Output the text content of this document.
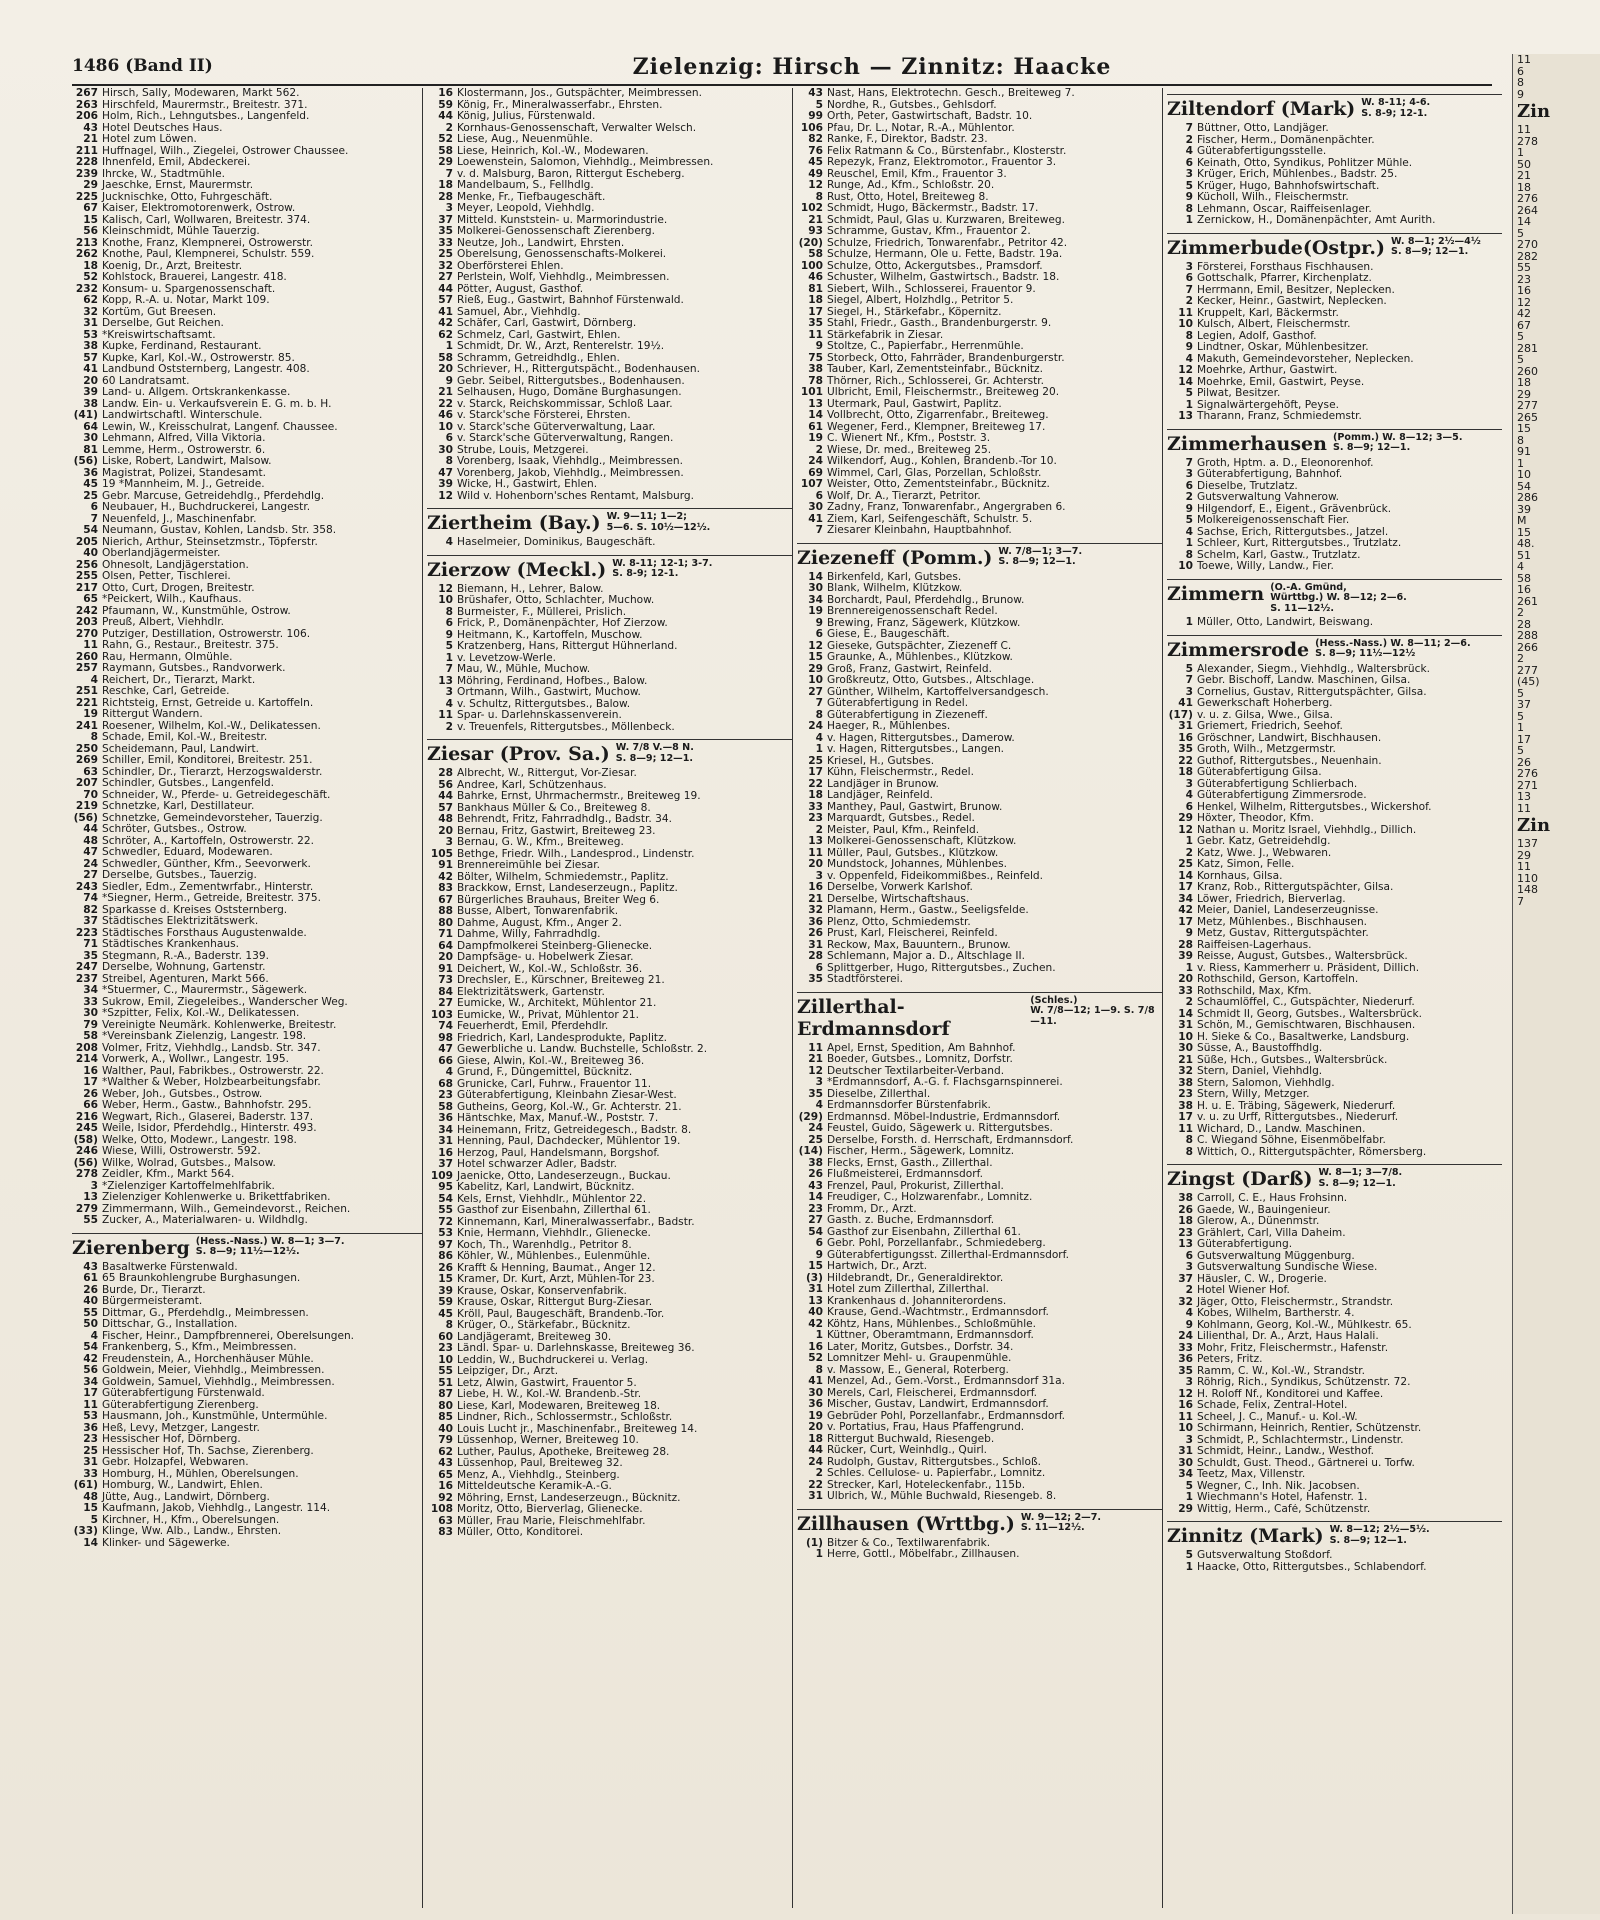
1486 (Band II)	Zielenzig: Hirsch — Zinnitz: Haacke
267 Hirsch, Sally, Modewaren, Markt 562.
263 Hirschfeld, Maurermstr., Breitestr. 371.
206 Holm, Rich., Lehngutsbes., Langenfeld.
43 Hotel Deutsches Haus.
21 Hotel zum Löwen.
211 Huffnagel, Wilh., Ziegelei, Ostrower Chaussee.
228 Ihnenfeld, Emil, Abdeckerei.
239 Ihrcke, W., Stadtmühle.
29 Jaeschke, Ernst, Maurermstr.
225 Jucknischke, Otto, Fuhrgeschäft.
67 Kaiser, Elektromotorenwerk, Ostrow.
15 Kalisch, Carl, Wollwaren, Breitestr. 374.
56 Kleinschmidt, Mühle Tauerzig.
213 Knothe, Franz, Klempnerei, Ostrowerstr.
262 Knothe, Paul, Klempnerei, Schulstr. 559.
18 Koenig, Dr., Arzt, Breitestr.
52 Kohlstock, Brauerei, Langestr. 418.
232 Konsum- u. Spargenossenschaft.
62 Kopp, R.-A. u. Notar, Markt 109.
32 Kortüm, Gut Breesen.
31 Derselbe, Gut Reichen.
53 *Kreiswirtschaftsamt.
38 Kupke, Ferdinand, Restaurant.
57 Kupke, Karl, Kol.-W., Ostrowerstr. 85.
41 Landbund Oststernberg, Langestr. 408.
20 60 Landratsamt.
39 Land- u. Allgem. Ortskrankenkasse.
38 Landw. Ein- u. Verkaufsverein E. G. m. b. H.
(41) Landwirtschaftl. Winterschule.
64 Lewin, W., Kreisschulrat, Langenf. Chaussee.
30 Lehmann, Alfred, Villa Viktoria.
81 Lemme, Herm., Ostrowerstr. 6.
(56) Liske, Robert, Landwirt, Malsow.
36 Magistrat, Polizei, Standesamt.
45 19 *Mannheim, M. J., Getreide.
25 Gebr. Marcuse, Getreidehdlg., Pferdehdlg.
6 Neubauer, H., Buchdruckerei, Langestr.
7 Neuenfeld, J., Maschinenfabr.
54 Neumann, Gustav, Kohlen, Landsb. Str. 358.
205 Nierich, Arthur, Steinsetzmstr., Töpferstr.
40 Oberlandjägermeister.
256 Ohnesolt, Landjägerstation.
255 Olsen, Petter, Tischlerei.
217 Otto, Curt, Drogen, Breitestr.
65 *Peickert, Wilh., Kaufhaus.
242 Pfaumann, W., Kunstmühle, Ostrow.
203 Preuß, Albert, Viehhdlr.
270 Putziger, Destillation, Ostrowerstr. 106.
11 Rahn, G., Restaur., Breitestr. 375.
260 Rau, Hermann, Ölmühle.
257 Raymann, Gutsbes., Randvorwerk.
4 Reichert, Dr., Tierarzt, Markt.
251 Reschke, Carl, Getreide.
221 Richtsteig, Ernst, Getreide u. Kartoffeln.
19 Rittergut Wandern.
241 Roesener, Wilhelm, Kol.-W., Delikatessen.
8 Schade, Emil, Kol.-W., Breitestr.
250 Scheidemann, Paul, Landwirt.
269 Schiller, Emil, Konditorei, Breitestr. 251.
63 Schindler, Dr., Tierarzt, Herzogswalderstr.
207 Schindler, Gutsbes., Langenfeld.
70 Schneider, W., Pferde- u. Getreidegeschäft.
219 Schnetzke, Karl, Destillateur.
(56) Schnetzke, Gemeindevorsteher, Tauerzig.
44 Schröter, Gutsbes., Ostrow.
48 Schröter, A., Kartoffeln, Ostrowerstr. 22.
47 Schwedler, Eduard, Modewaren.
24 Schwedler, Günther, Kfm., Seevorwerk.
27 Derselbe, Gutsbes., Tauerzig.
243 Siedler, Edm., Zementwrfabr., Hinterstr.
74 *Siegner, Herm., Getreide, Breitestr. 375.
82 Sparkasse d. Kreises Oststernberg.
37 Städtisches Elektrizitätswerk.
223 Städtisches Forsthaus Augustenwalde.
71 Städtisches Krankenhaus.
35 Stegmann, R.-A., Baderstr. 139.
247 Derselbe, Wohnung, Gartenstr.
237 Streibel, Agenturen, Markt 566.
34 *Stuermer, C., Maurermstr., Sägewerk.
33 Sukrow, Emil, Ziegeleibes., Wanderscher Weg.
30 *Szpitter, Felix, Kol.-W., Delikatessen.
79 Vereinigte Neumärk. Kohlenwerke, Breitestr.
58 *Vereinsbank Zielenzig, Langestr. 198.
208 Volmer, Fritz, Viehhdlg., Landsb. Str. 347.
214 Vorwerk, A., Wollwr., Langestr. 195.
16 Walther, Paul, Fabrikbes., Ostrowerstr. 22.
17 *Walther & Weber, Holzbearbeitungsfabr.
26 Weber, Joh., Gutsbes., Ostrow.
66 Weber, Herm., Gastw., Bahnhofstr. 295.
216 Wegwart, Rich., Glaserei, Baderstr. 137.
245 Weile, Isidor, Pferdehdlg., Hinterstr. 493.
(58) Welke, Otto, Modewr., Langestr. 198.
246 Wiese, Willi, Ostrowerstr. 592.
(56) Wilke, Wolrad, Gutsbes., Malsow.
278 Zeidler, Kfm., Markt 564.
3 *Zielenziger Kartoffelmehlfabrik.
13 Zielenziger Kohlenwerke u. Brikettfabriken.
279 Zimmermann, Wilh., Gemeindevorst., Reichen.
55 Zucker, A., Materialwaren- u. Wildhdlg.
Zierenberg (Hess.-Nass.) W. 8—1; 3—7.
S. 8—9; 11½—12½.
43 Basaltwerke Fürstenwald.
61 65 Braunkohlengrube Burghasungen.
26 Burde, Dr., Tierarzt.
40 Bürgermeisteramt.
55 Dittmar, G., Pferdehdlg., Meimbressen.
50 Dittschar, G., Installation.
4 Fischer, Heinr., Dampfbrennerei, Oberelsungen.
54 Frankenberg, S., Kfm., Meimbressen.
42 Freudenstein, A., Horchenhäuser Mühle.
56 Goldwein, Meier, Viehhdlg., Meimbressen.
34 Goldwein, Samuel, Viehhdlg., Meimbressen.
17 Güterabfertigung Fürstenwald.
11 Güterabfertigung Zierenberg.
53 Hausmann, Joh., Kunstmühle, Untermühle.
36 Heß, Levy, Metzger, Langestr.
23 Hessischer Hof, Dörnberg.
25 Hessischer Hof, Th. Sachse, Zierenberg.
31 Gebr. Holzapfel, Webwaren.
33 Homburg, H., Mühlen, Oberelsungen.
(61) Homburg, W., Landwirt, Ehlen.
48 Jütte, Aug., Landwirt, Dörnberg.
15 Kaufmann, Jakob, Viehhdlg., Langestr. 114.
5 Kirchner, H., Kfm., Oberelsungen.
(33) Klinge, Ww. Alb., Landw., Ehrsten.
14 Klinker- und Sägewerke.
16 Klostermann, Jos., Gutspächter, Meimbressen.
59 König, Fr., Mineralwasserfabr., Ehrsten.
44 König, Julius, Fürstenwald.
2 Kornhaus-Genossenschaft, Verwalter Welsch.
52 Liese, Aug., Neuenmühle.
58 Liese, Heinrich, Kol.-W., Modewaren.
29 Loewenstein, Salomon, Viehhdlg., Meimbressen.
7 v. d. Malsburg, Baron, Rittergut Escheberg.
18 Mandelbaum, S., Fellhdlg.
28 Menke, Fr., Tiefbaugeschäft.
3 Meyer, Leopold, Viehhdlg.
37 Mitteld. Kunststein- u. Marmorindustrie.
35 Molkerei-Genossenschaft Zierenberg.
33 Neutze, Joh., Landwirt, Ehrsten.
25 Oberelsung, Genossenschafts-Molkerei.
32 Oberförsterei Ehlen.
27 Perlstein, Wolf, Viehhdlg., Meimbressen.
44 Pötter, August, Gasthof.
57 Rieß, Eug., Gastwirt, Bahnhof Fürstenwald.
41 Samuel, Abr., Viehhdlg.
42 Schäfer, Carl, Gastwirt, Dörnberg.
62 Schmelz, Carl, Gastwirt, Ehlen.
1 Schmidt, Dr. W., Arzt, Renterelstr. 19½.
58 Schramm, Getreidhdlg., Ehlen.
20 Schriever, H., Rittergutspächt., Bodenhausen.
9 Gebr. Seibel, Rittergutsbes., Bodenhausen.
21 Selhausen, Hugo, Domäne Burghasungen.
22 v. Starck, Reichskommissar, Schloß Laar.
46 v. Starck'sche Försterei, Ehrsten.
10 v. Starck'sche Güterverwaltung, Laar.
6 v. Starck'sche Güterverwaltung, Rangen.
30 Strube, Louis, Metzgerei.
8 Vorenberg, Isaak, Viehhdlg., Meimbressen.
47 Vorenberg, Jakob, Viehhdlg., Meimbressen.
39 Wicke, H., Gastwirt, Ehlen.
12 Wild v. Hohenborn'sches Rentamt, Malsburg.
Ziertheim (Bay.) W. 9—11; 1—2;
5—6. S. 10½—12½.
4 Haselmeier, Dominikus, Baugeschäft.
Zierzow (Meckl.) W. 8-11; 12-1; 3-7.
S. 8-9; 12-1.
12 Biemann, H., Lehrer, Balow.
10 Brüshafer, Otto, Schlachter, Muchow.
8 Burmeister, F., Müllerei, Prislich.
6 Frick, P., Domänenpächter, Hof Zierzow.
9 Heitmann, K., Kartoffeln, Muschow.
5 Kratzenberg, Hans, Rittergut Hühnerland.
1 v. Levetzow-Werle.
7 Mau, W., Mühle, Muchow.
13 Möhring, Ferdinand, Hofbes., Balow.
3 Ortmann, Wilh., Gastwirt, Muchow.
4 v. Schultz, Rittergutsbes., Balow.
11 Spar- u. Darlehnskassenverein.
2 v. Treuenfels, Rittergutsbes., Möllenbeck.
Ziesar (Prov. Sa.) W. 7/8 V.—8 N.
S. 8—9; 12—1.
28 Albrecht, W., Rittergut, Vor-Ziesar.
56 Andree, Karl, Schützenhaus.
44 Bahrke, Ernst, Uhrmachermstr., Breiteweg 19.
57 Bankhaus Müller & Co., Breiteweg 8.
48 Behrendt, Fritz, Fahrradhdlg., Badstr. 34.
20 Bernau, Fritz, Gastwirt, Breiteweg 23.
3 Bernau, G. W., Kfm., Breiteweg.
105 Bethge, Friedr. Wilh., Landesprod., Lindenstr.
91 Brennereimühle bei Ziesar.
42 Bölter, Wilhelm, Schmiedemstr., Paplitz.
83 Brackkow, Ernst, Landeserzeugn., Paplitz.
67 Bürgerliches Brauhaus, Breiter Weg 6.
88 Busse, Albert, Tonwarenfabrik.
80 Dahme, August, Kfm., Anger 2.
71 Dahme, Willy, Fahrradhdlg.
64 Dampfmolkerei Steinberg-Glienecke.
20 Dampfsäge- u. Hobelwerk Ziesar.
91 Deichert, W., Kol.-W., Schloßstr. 36.
73 Drechsler, E., Kürschner, Breiteweg 21.
84 Elektrizitätswerk, Gartenstr.
27 Eumicke, W., Architekt, Mühlentor 21.
103 Eumicke, W., Privat, Mühlentor 21.
74 Feuerherdt, Emil, Pferdehdlr.
98 Friedrich, Karl, Landesprodukte, Paplitz.
47 Gewerbliche u. Landw. Buchstelle, Schloßstr. 2.
66 Giese, Alwin, Kol.-W., Breiteweg 36.
4 Grund, F., Düngemittel, Bücknitz.
68 Grunicke, Carl, Fuhrw., Frauentor 11.
23 Güterabfertigung, Kleinbahn Ziesar-West.
58 Gutheins, Georg, Kol.-W., Gr. Achterstr. 21.
36 Häntschke, Max, Manuf.-W., Poststr. 7.
34 Heinemann, Fritz, Getreidegesch., Badstr. 8.
31 Henning, Paul, Dachdecker, Mühlentor 19.
16 Herzog, Paul, Handelsmann, Borgshof.
37 Hotel schwarzer Adler, Badstr.
109 Jaenicke, Otto, Landeserzeugn., Buckau.
95 Kabelitz, Karl, Landwirt, Bücknitz.
54 Kels, Ernst, Viehhdlr., Mühlentor 22.
55 Gasthof zur Eisenbahn, Zillerthal 61.
72 Kinnemann, Karl, Mineralwasserfabr., Badstr.
53 Knie, Hermann, Viehhdlr., Glienecke.
97 Koch, Th., Warenhdlg., Petritor 8.
86 Köhler, W., Mühlenbes., Eulenmühle.
26 Krafft & Henning, Baumat., Anger 12.
15 Kramer, Dr. Kurt, Arzt, Mühlen-Tor 23.
39 Krause, Oskar, Konservenfabrik.
59 Krause, Oskar, Rittergut Burg-Ziesar.
45 Kröll, Paul, Baugeschäft, Brandenb.-Tor.
8 Krüger, O., Stärkefabr., Bücknitz.
60 Landjägeramt, Breiteweg 30.
23 Ländl. Spar- u. Darlehnskasse, Breiteweg 36.
10 Leddin, W., Buchdruckerei u. Verlag.
55 Leipziger, Dr., Arzt.
51 Letz, Alwin, Gastwirt, Frauentor 5.
87 Liebe, H. W., Kol.-W. Brandenb.-Str.
80 Liese, Karl, Modewaren, Breiteweg 18.
85 Lindner, Rich., Schlossermstr., Schloßstr.
40 Louis Lucht jr., Maschinenfabr., Breiteweg 14.
79 Lüssenhop, Werner, Breiteweg 10.
62 Luther, Paulus, Apotheke, Breiteweg 28.
43 Lüssenhop, Paul, Breiteweg 32.
65 Menz, A., Viehhdlg., Steinberg.
16 Mitteldeutsche Keramik-A.-G.
92 Möhring, Ernst, Landeserzeugn., Bücknitz.
108 Moritz, Otto, Bierverlag, Glienecke.
63 Müller, Frau Marie, Fleischmehlfabr.
83 Müller, Otto, Konditorei.
43 Nast, Hans, Elektrotechn. Gesch., Breiteweg 7.
5 Nordhe, R., Gutsbes., Gehlsdorf.
99 Orth, Peter, Gastwirtschaft, Badstr. 10.
106 Pfau, Dr. L., Notar, R.-A., Mühlentor.
82 Ranke, F., Direktor, Badstr. 23.
76 Felix Ratmann & Co., Bürstenfabr., Klosterstr.
45 Repezyk, Franz, Elektromotor., Frauentor 3.
49 Reuschel, Emil, Kfm., Frauentor 3.
12 Runge, Ad., Kfm., Schloßstr. 20.
8 Rust, Otto, Hotel, Breiteweg 8.
102 Schmidt, Hugo, Bäckermstr., Badstr. 17.
21 Schmidt, Paul, Glas u. Kurzwaren, Breiteweg.
93 Schramme, Gustav, Kfm., Frauentor 2.
(20) Schulze, Friedrich, Tonwarenfabr., Petritor 42.
58 Schulze, Hermann, Öle u. Fette, Badstr. 19a.
100 Schulze, Otto, Ackergutsbes., Pramsdorf.
46 Schuster, Wilhelm, Gastwirtsch., Badstr. 18.
81 Siebert, Wilh., Schlosserei, Frauentor 9.
18 Siegel, Albert, Holzhdlg., Petritor 5.
17 Siegel, H., Stärkefabr., Köpernitz.
35 Stahl, Friedr., Gasth., Brandenburgerstr. 9.
11 Stärkefabrik in Ziesar.
9 Stoltze, C., Papierfabr., Herrenmühle.
75 Storbeck, Otto, Fahrräder, Brandenburgerstr.
38 Tauber, Karl, Zementsteinfabr., Bücknitz.
78 Thörner, Rich., Schlosserei, Gr. Achterstr.
101 Ulbricht, Emil, Fleischermstr., Breiteweg 20.
13 Utermark, Paul, Gastwirt, Paplitz.
14 Vollbrecht, Otto, Zigarrenfabr., Breiteweg.
61 Wegener, Ferd., Klempner, Breiteweg 17.
19 C. Wienert Nf., Kfm., Poststr. 3.
2 Wiese, Dr. med., Breiteweg 25.
24 Wilkendorf, Aug., Kohlen, Brandenb.-Tor 10.
69 Wimmel, Carl, Glas, Porzellan, Schloßstr.
107 Weister, Otto, Zementsteinfabr., Bücknitz.
6 Wolf, Dr. A., Tierarzt, Petritor.
30 Zadny, Franz, Tonwarenfabr., Angergraben 6.
41 Ziem, Karl, Seifengeschäft, Schulstr. 5.
7 Ziesarer Kleinbahn, Hauptbahnhof.
Ziezeneff (Pomm.) W. 7/8—1; 3—7.
S. 8—9; 12—1.
14 Birkenfeld, Karl, Gutsbes.
30 Blank, Wilhelm, Klützkow.
34 Borchardt, Paul, Pferdehdlg., Brunow.
19 Brennereigenossenschaft Redel.
9 Brewing, Franz, Sägewerk, Klützkow.
6 Giese, E., Baugeschäft.
12 Gieseke, Gutspächter, Ziezeneff C.
15 Graunke, A., Mühlenbes., Klützkow.
29 Groß, Franz, Gastwirt, Reinfeld.
10 Großkreutz, Otto, Gutsbes., Altschlage.
27 Günther, Wilhelm, Kartoffelversandgesch.
7 Güterabfertigung in Redel.
8 Güterabfertigung in Ziezeneff.
24 Haeger, R., Mühlenbes.
4 v. Hagen, Rittergutsbes., Damerow.
1 v. Hagen, Rittergutsbes., Langen.
25 Kriesel, H., Gutsbes.
17 Kühn, Fleischermstr., Redel.
22 Landjäger in Brunow.
18 Landjäger, Reinfeld.
33 Manthey, Paul, Gastwirt, Brunow.
23 Marquardt, Gutsbes., Redel.
2 Meister, Paul, Kfm., Reinfeld.
13 Molkerei-Genossenschaft, Klützkow.
11 Müller, Paul, Gutsbes., Klützkow.
20 Mundstock, Johannes, Mühlenbes.
3 v. Oppenfeld, Fideikommißbes., Reinfeld.
16 Derselbe, Vorwerk Karlshof.
21 Derselbe, Wirtschaftshaus.
32 Plamann, Herm., Gastw., Seeligsfelde.
36 Plenz, Otto, Schmiedemstr.
26 Prust, Karl, Fleischerei, Reinfeld.
31 Reckow, Max, Bauuntern., Brunow.
28 Schlemann, Major a. D., Altschlage II.
6 Splittgerber, Hugo, Rittergutsbes., Zuchen.
35 Stadtförsterei.
Zillerthal-Erdmannsdorf
(Schles.)
W. 7/8—12; 1—9. S. 7/8—11.
11 Apel, Ernst, Spedition, Am Bahnhof.
21 Boeder, Gutsbes., Lomnitz, Dorfstr.
12 Deutscher Textilarbeiter-Verband.
3 *Erdmannsdorf, A.-G. f. Flachsgarnspinnerei.
35 Dieselbe, Zillerthal.
4 Erdmannsdorfer Bürstenfabrik.
(29) Erdmannsd. Möbel-Industrie, Erdmannsdorf.
24 Feustel, Guido, Sägewerk u. Rittergutsbes.
25 Derselbe, Forsth. d. Herrschaft, Erdmannsdorf.
(14) Fischer, Herm., Sägewerk, Lomnitz.
38 Flecks, Ernst, Gasth., Zillerthal.
26 Flußmeisterei, Erdmannsdorf.
43 Frenzel, Paul, Prokurist, Zillerthal.
14 Freudiger, C., Holzwarenfabr., Lomnitz.
23 Fromm, Dr., Arzt.
27 Gasth. z. Buche, Erdmannsdorf.
54 Gasthof zur Eisenbahn, Zillerthal 61.
6 Gebr. Pohl, Porzellanfabr., Schmiedeberg.
9 Güterabfertigungsst. Zillerthal-Erdmannsdorf.
15 Hartwich, Dr., Arzt.
(3) Hildebrandt, Dr., Generaldirektor.
31 Hotel zum Zillerthal, Zillerthal.
13 Krankenhaus d. Johanniterordens.
40 Krause, Gend.-Wachtmstr., Erdmannsdorf.
42 Köhtz, Hans, Mühlenbes., Schloßmühle.
1 Küttner, Oberamtmann, Erdmannsdorf.
16 Later, Moritz, Gutsbes., Dorfstr. 34.
52 Lomnitzer Mehl- u. Graupenmühle.
8 v. Massow, E., General, Roterberg.
41 Menzel, Ad., Gem.-Vorst., Erdmannsdorf 31a.
30 Merels, Carl, Fleischerei, Erdmannsdorf.
36 Mischer, Gustav, Landwirt, Erdmannsdorf.
19 Gebrüder Pohl, Porzellanfabr., Erdmannsdorf.
20 v. Portatius, Frau, Haus Pfaffengrund.
18 Rittergut Buchwald, Riesengeb.
44 Rücker, Curt, Weinhdlg., Quirl.
24 Rudolph, Gustav, Rittergutsbes., Schloß.
2 Schles. Cellulose- u. Papierfabr., Lomnitz.
22 Strecker, Karl, Hoteleckenfabr., 115b.
31 Ulbrich, W., Mühle Buchwald, Riesengeb. 8.
Zillhausen (Wrttbg.) W. 9—12; 2—7.
S. 11—12½.
(1) Bitzer & Co., Textilwarenfabrik.
1 Herre, Gottl., Möbelfabr., Zillhausen.
Ziltendorf (Mark) W. 8-11; 4-6.
S. 8-9; 12-1.
7 Büttner, Otto, Landjäger.
2 Fischer, Herm., Domänenpächter.
4 Güterabfertigungsstelle.
6 Keinath, Otto, Syndikus, Pohlitzer Mühle.
3 Krüger, Erich, Mühlenbes., Badstr. 25.
5 Krüger, Hugo, Bahnhofswirtschaft.
9 Kücholl, Wilh., Fleischermstr.
8 Lehmann, Oscar, Raiffeisenlager.
1 Zernickow, H., Domänenpächter, Amt Aurith.
Zimmerbude(Ostpr.) W. 8—1; 2½—4½
S. 8—9; 12—1.
3 Försterei, Forsthaus Fischhausen.
6 Gottschalk, Pfarrer, Kirchenplatz.
7 Herrmann, Emil, Besitzer, Neplecken.
2 Kecker, Heinr., Gastwirt, Neplecken.
11 Kruppelt, Karl, Bäckermstr.
10 Kulsch, Albert, Fleischermstr.
8 Legien, Adolf, Gasthof.
9 Lindtner, Oskar, Mühlenbesitzer.
4 Makuth, Gemeindevorsteher, Neplecken.
12 Moehrke, Arthur, Gastwirt.
14 Moehrke, Emil, Gastwirt, Peyse.
5 Pilwat, Besitzer.
1 Signalwärtergehöft, Peyse.
13 Tharann, Franz, Schmiedemstr.
Zimmerhausen (Pomm.) W. 8—12; 3—5.
S. 8—9; 12—1.
7 Groth, Hptm. a. D., Eleonorenhof.
3 Güterabfertigung, Bahnhof.
6 Dieselbe, Trutzlatz.
2 Gutsverwaltung Vahnerow.
9 Hilgendorf, E., Eigent., Grävenbrück.
5 Molkereigenossenschaft Fier.
4 Sachse, Erich, Rittergutsbes., Jatzel.
1 Schleer, Kurt, Rittergutsbes., Trutzlatz.
8 Schelm, Karl, Gastw., Trutzlatz.
10 Toewe, Willy, Landw., Fier.
Zimmern (O.-A. Gmünd,
Württbg.) W. 8—12; 2—6.
S. 11—12½.
1 Müller, Otto, Landwirt, Beiswang.
Zimmersrode (Hess.-Nass.) W. 8—11; 2—6.
S. 8—9; 11½—12½
5 Alexander, Siegm., Viehhdlg., Waltersbrück.
7 Gebr. Bischoff, Landw. Maschinen, Gilsa.
3 Cornelius, Gustav, Rittergutspächter, Gilsa.
41 Gewerkschaft Hoherberg.
(17) v. u. z. Gilsa, Wwe., Gilsa.
31 Griemert, Friedrich, Seehof.
16 Gröschner, Landwirt, Bischhausen.
35 Groth, Wilh., Metzgermstr.
22 Guthof, Rittergutsbes., Neuenhain.
18 Güterabfertigung Gilsa.
3 Güterabfertigung Schlierbach.
4 Güterabfertigung Zimmersrode.
6 Henkel, Wilhelm, Rittergutsbes., Wickershof.
29 Höxter, Theodor, Kfm.
12 Nathan u. Moritz Israel, Viehhdlg., Dillich.
1 Gebr. Katz, Getreidehdlg.
2 Katz, Wwe. J., Webwaren.
25 Katz, Simon, Felle.
14 Kornhaus, Gilsa.
17 Kranz, Rob., Rittergutspächter, Gilsa.
34 Löwer, Friedrich, Bierverlag.
42 Meier, Daniel, Landeserzeugnisse.
17 Metz, Mühlenbes., Bischhausen.
9 Metz, Gustav, Rittergutspächter.
28 Raiffeisen-Lagerhaus.
39 Reisse, August, Gutsbes., Waltersbrück.
1 v. Riess, Kammerherr u. Präsident, Dillich.
20 Rothschild, Gerson, Kartoffeln.
33 Rothschild, Max, Kfm.
2 Schaumlöffel, C., Gutspächter, Niederurf.
14 Schmidt II, Georg, Gutsbes., Waltersbrück.
31 Schön, M., Gemischtwaren, Bischhausen.
10 H. Sieke & Co., Basaltwerke, Landsburg.
30 Süsse, A., Baustoffhdlg.
21 Süße, Hch., Gutsbes., Waltersbrück.
32 Stern, Daniel, Viehhdlg.
38 Stern, Salomon, Viehhdlg.
23 Stern, Willy, Metzger.
38 H. u. E. Träbing, Sägewerk, Niederurf.
17 v. u. zu Urff, Rittergutsbes., Niederurf.
11 Wichard, D., Landw. Maschinen.
8 C. Wiegand Söhne, Eisenmöbelfabr.
8 Wittich, O., Rittergutspächter, Römersberg.
Zingst (Darß) W. 8—1; 3—7/8.
S. 8—9; 12—1.
38 Carroll, C. E., Haus Frohsinn.
26 Gaede, W., Bauingenieur.
18 Glerow, A., Dünenmstr.
23 Grählert, Carl, Villa Daheim.
13 Güterabfertigung.
6 Gutsverwaltung Müggenburg.
3 Gutsverwaltung Sundische Wiese.
37 Häusler, C. W., Drogerie.
2 Hotel Wiener Hof.
32 Jäger, Otto, Fleischermstr., Strandstr.
4 Kobes, Wilhelm, Bartherstr. 4.
9 Kohlmann, Georg, Kol.-W., Mühlkestr. 65.
24 Lilienthal, Dr. A., Arzt, Haus Halali.
33 Mohr, Fritz, Fleischermstr., Hafenstr.
36 Peters, Fritz.
35 Ramm, C. W., Kol.-W., Strandstr.
3 Röhrig, Rich., Syndikus, Schützenstr. 72.
12 H. Roloff Nf., Konditorei und Kaffee.
16 Schade, Felix, Zentral-Hotel.
11 Scheel, J. C., Manuf.- u. Kol.-W.
10 Schirmann, Heinrich, Rentier, Schützenstr.
3 Schmidt, P., Schlachtermstr., Lindenstr.
31 Schmidt, Heinr., Landw., Westhof.
30 Schuldt, Gust. Theod., Gärtnerei u. Torfw.
34 Teetz, Max, Villenstr.
5 Wegner, C., Inh. Nik. Jacobsen.
1 Wiechmann's Hotel, Hafenstr. 1.
29 Wittig, Herm., Café, Schützenstr.
Zinnitz (Mark) W. 8—12; 2½—5½.
S. 8—9; 12—1.
5 Gutsverwaltung Stoßdorf.
1 Haacke, Otto, Rittergutsbes., Schlabendorf.
11
6
8
9
Zin
11
278
1
50
21
18
276
264
14
5
270
282
55
23
16
12
42
67
5
281
5
260
18
29
277
265
15
8
91
1
10
54
286
39
M
15
48.
51
4
58
16
261
2
28
288
266
2
277
(45)
5
37
5
1
17
5
26
276
271
13
11
Zin
137
29
11
110
148
7
